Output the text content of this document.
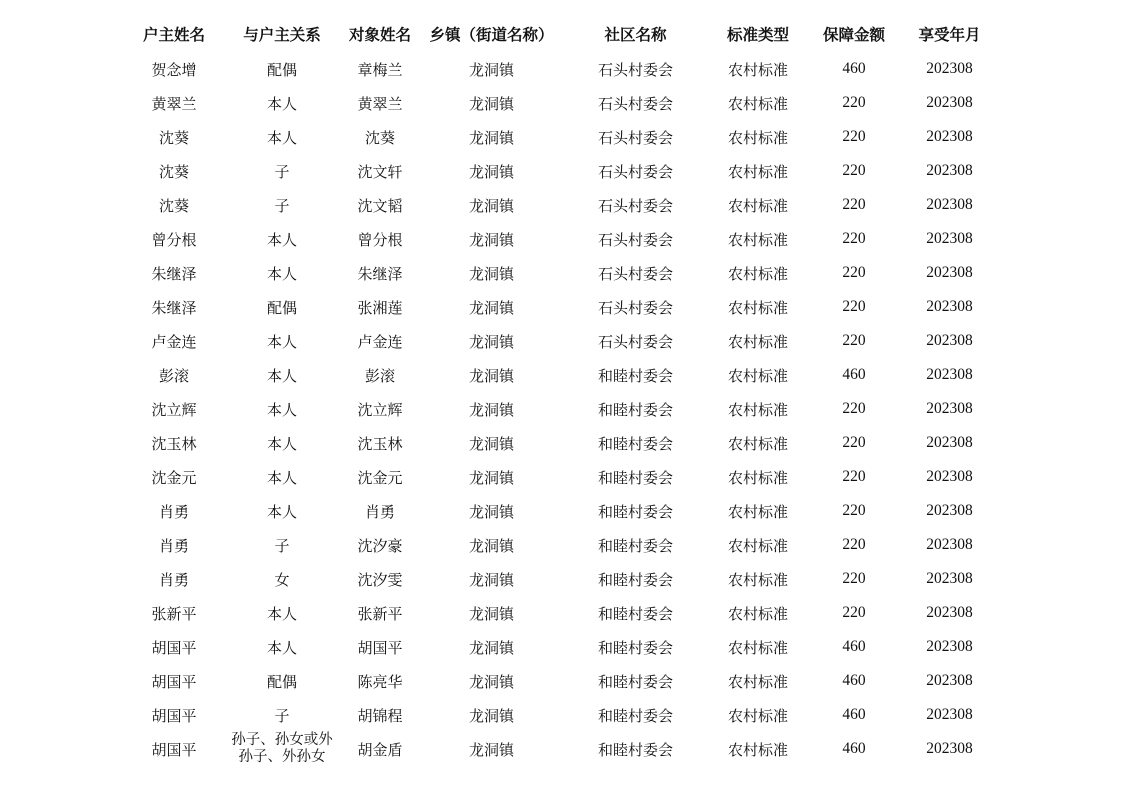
户主姓名	与户主关系	对象姓名	乡镇（街道名称）	社区名称	标准类型	保障金额	享受年月
贺念增	配偶	章梅兰	龙洞镇	石头村委会	农村标准	460	202308
黄翠兰	本人	黄翠兰	龙洞镇	石头村委会	农村标准	220	202308
沈葵	本人	沈葵	龙洞镇	石头村委会	农村标准	220	202308
沈葵	子	沈文轩	龙洞镇	石头村委会	农村标准	220	202308
沈葵	子	沈文韬	龙洞镇	石头村委会	农村标准	220	202308
曾分根	本人	曾分根	龙洞镇	石头村委会	农村标准	220	202308
朱继泽	本人	朱继泽	龙洞镇	石头村委会	农村标准	220	202308
朱继泽	配偶	张湘莲	龙洞镇	石头村委会	农村标准	220	202308
卢金连	本人	卢金连	龙洞镇	石头村委会	农村标准	220	202308
彭滚	本人	彭滚	龙洞镇	和睦村委会	农村标准	460	202308
沈立辉	本人	沈立辉	龙洞镇	和睦村委会	农村标准	220	202308
沈玉林	本人	沈玉林	龙洞镇	和睦村委会	农村标准	220	202308
沈金元	本人	沈金元	龙洞镇	和睦村委会	农村标准	220	202308
肖勇	本人	肖勇	龙洞镇	和睦村委会	农村标准	220	202308
肖勇	子	沈汐豪	龙洞镇	和睦村委会	农村标准	220	202308
肖勇	女	沈汐雯	龙洞镇	和睦村委会	农村标准	220	202308
张新平	本人	张新平	龙洞镇	和睦村委会	农村标准	220	202308
胡国平	本人	胡国平	龙洞镇	和睦村委会	农村标准	460	202308
胡国平	配偶	陈亮华	龙洞镇	和睦村委会	农村标准	460	202308
胡国平	子	胡锦程	龙洞镇	和睦村委会	农村标准	460	202308
胡国平	孙子、孙女或外孙子、外孙女	胡金盾	龙洞镇	和睦村委会	农村标准	460	202308
